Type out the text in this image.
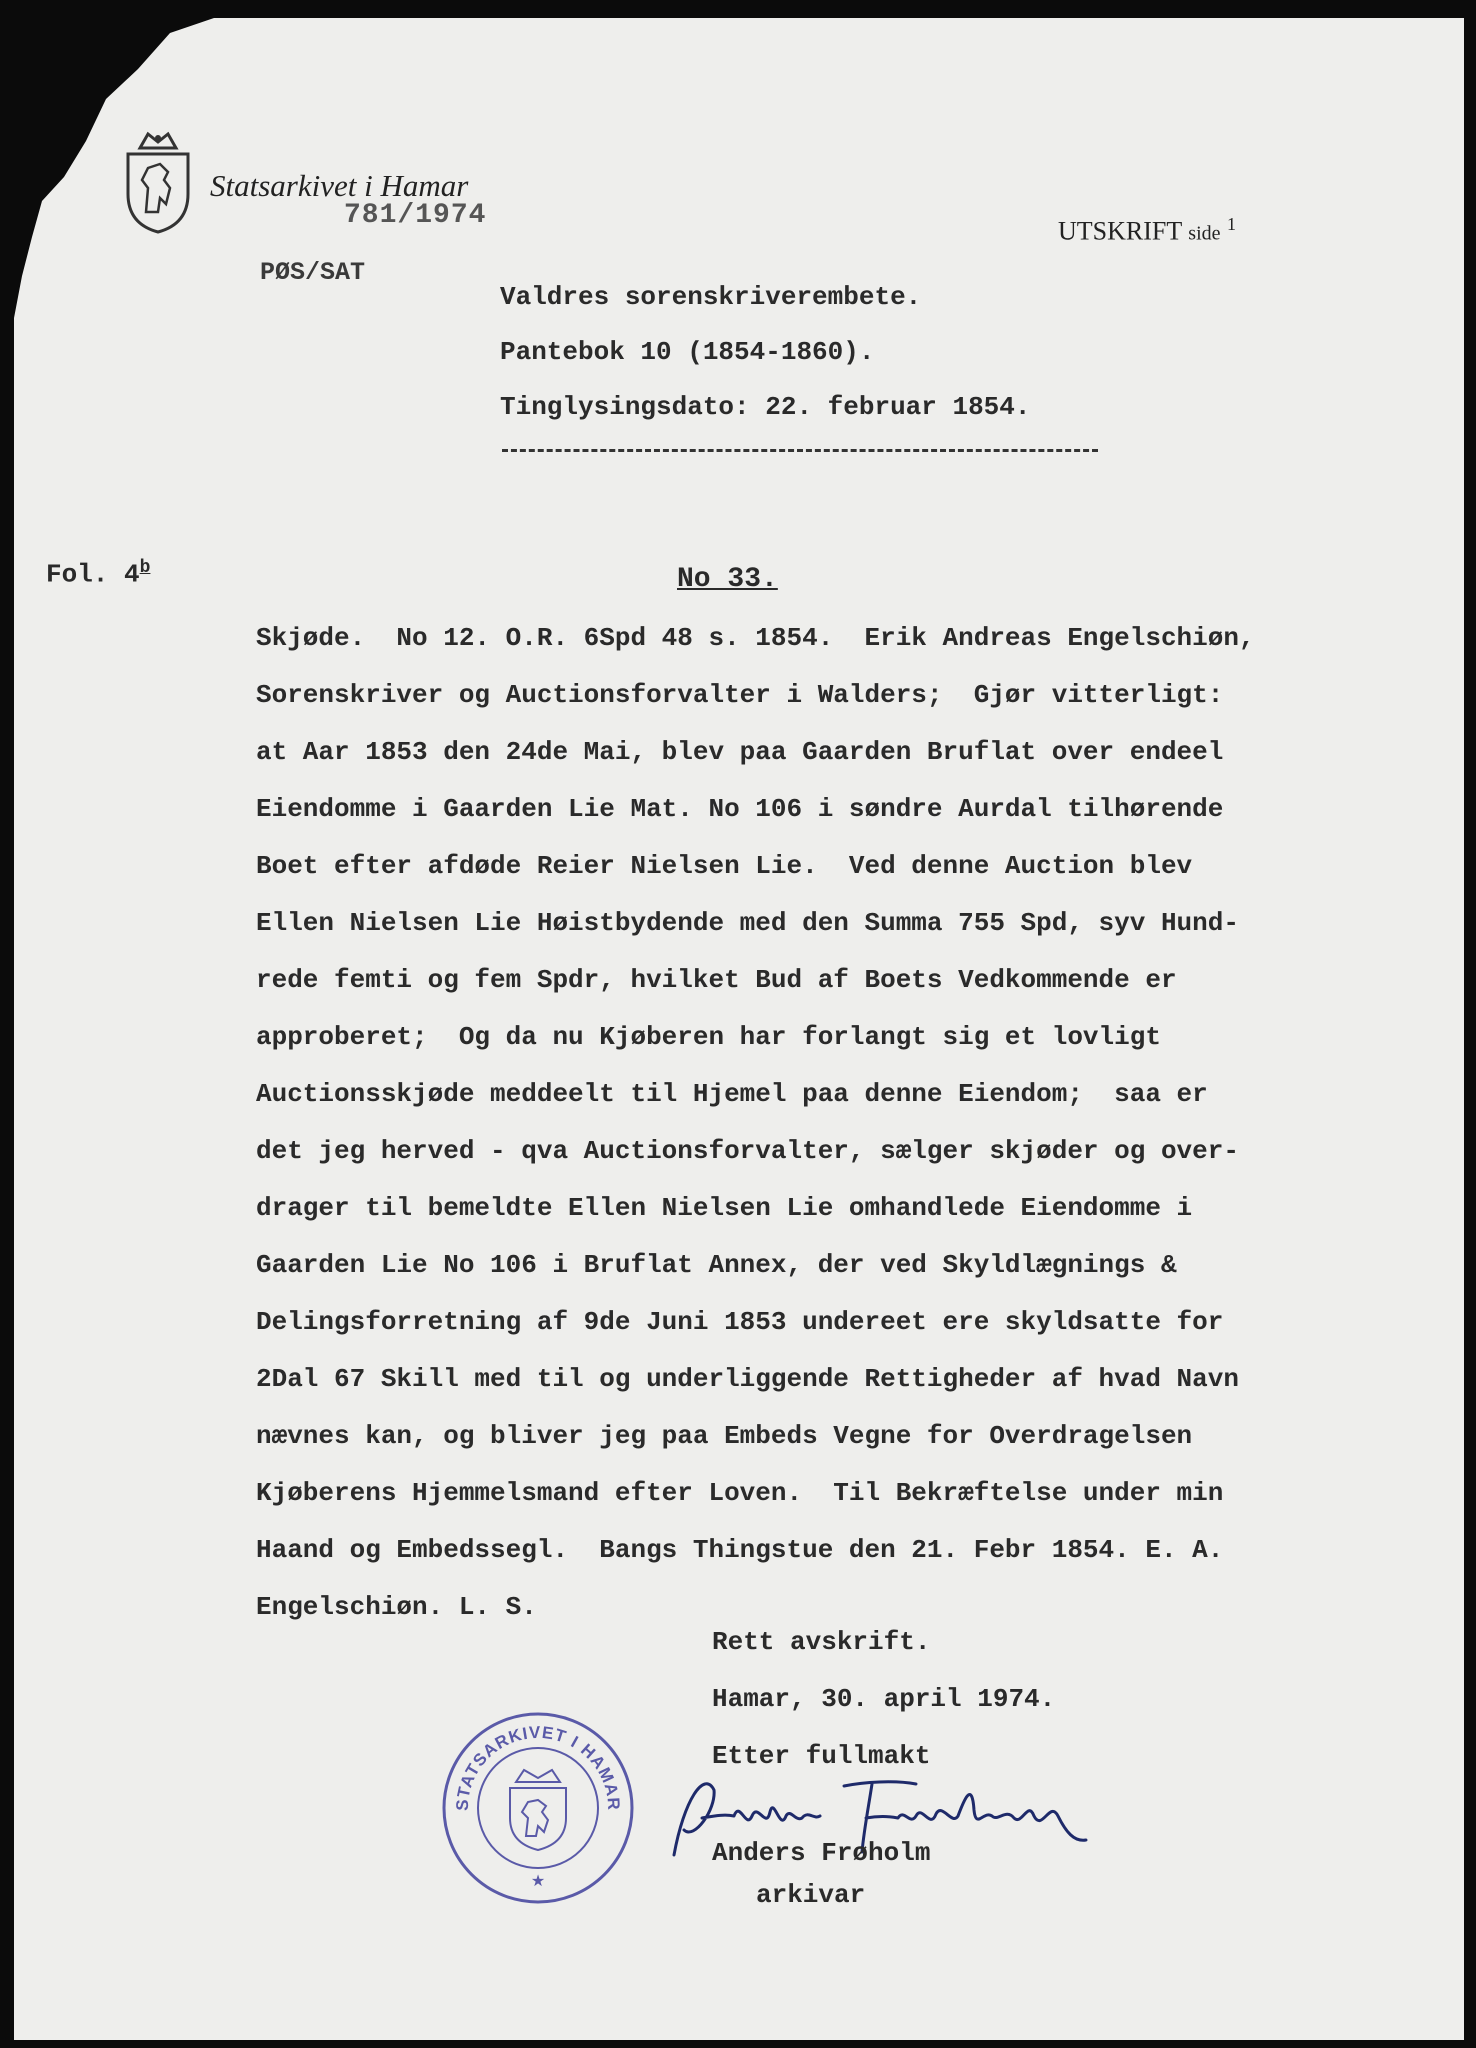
Statsarkivet i Hamar
781/1974
UTSKRIFT side $^1$
PØS/SAT
Valdres sorenskriverembete.
Pantebok 10 (1854-1860).
Tinglysingsdato: 22. februar 1854.
Fol. 4$^b$	No 33.
Skjøde.  No 12. O.R. 6Spd 48 s. 1854.  Erik Andreas Engelschiøn,
Sorenskriver og Auctionsforvalter i Walders;  Gjør vitterligt:
at Aar 1853 den 24de Mai, blev paa Gaarden Bruflat over endeel
Eiendomme i Gaarden Lie Mat. No 106 i søndre Aurdal tilhørende
Boet efter afdøde Reier Nielsen Lie.  Ved denne Auction blev
Ellen Nielsen Lie Høistbydende med den Summa 755 Spd, syv Hund-
rede femti og fem Spdr, hvilket Bud af Boets Vedkommende er
approberet;  Og da nu Kjøberen har forlangt sig et lovligt
Auctionsskjøde meddeelt til Hjemel paa denne Eiendom;  saa er
det jeg herved - qva Auctionsforvalter, sælger skjøder og over-
drager til bemeldte Ellen Nielsen Lie omhandlede Eiendomme i
Gaarden Lie No 106 i Bruflat Annex, der ved Skyldlægnings &
Delingsforretning af 9de Juni 1853 undereet ere skyldsatte for
2Dal 67 Skill med til og underliggende Rettigheder af hvad Navn
nævnes kan, og bliver jeg paa Embeds Vegne for Overdragelsen
Kjøberens Hjemmelsmand efter Loven.  Til Bekræftelse under min
Haand og Embedssegl.  Bangs Thingstue den 21. Febr 1854. E. A.
Engelschiøn. L. S.
Rett avskrift.
Hamar, 30. april 1974.
Etter fullmakt
STATSARKIVET I HAMAR
★
Anders Frøholm
arkivar
